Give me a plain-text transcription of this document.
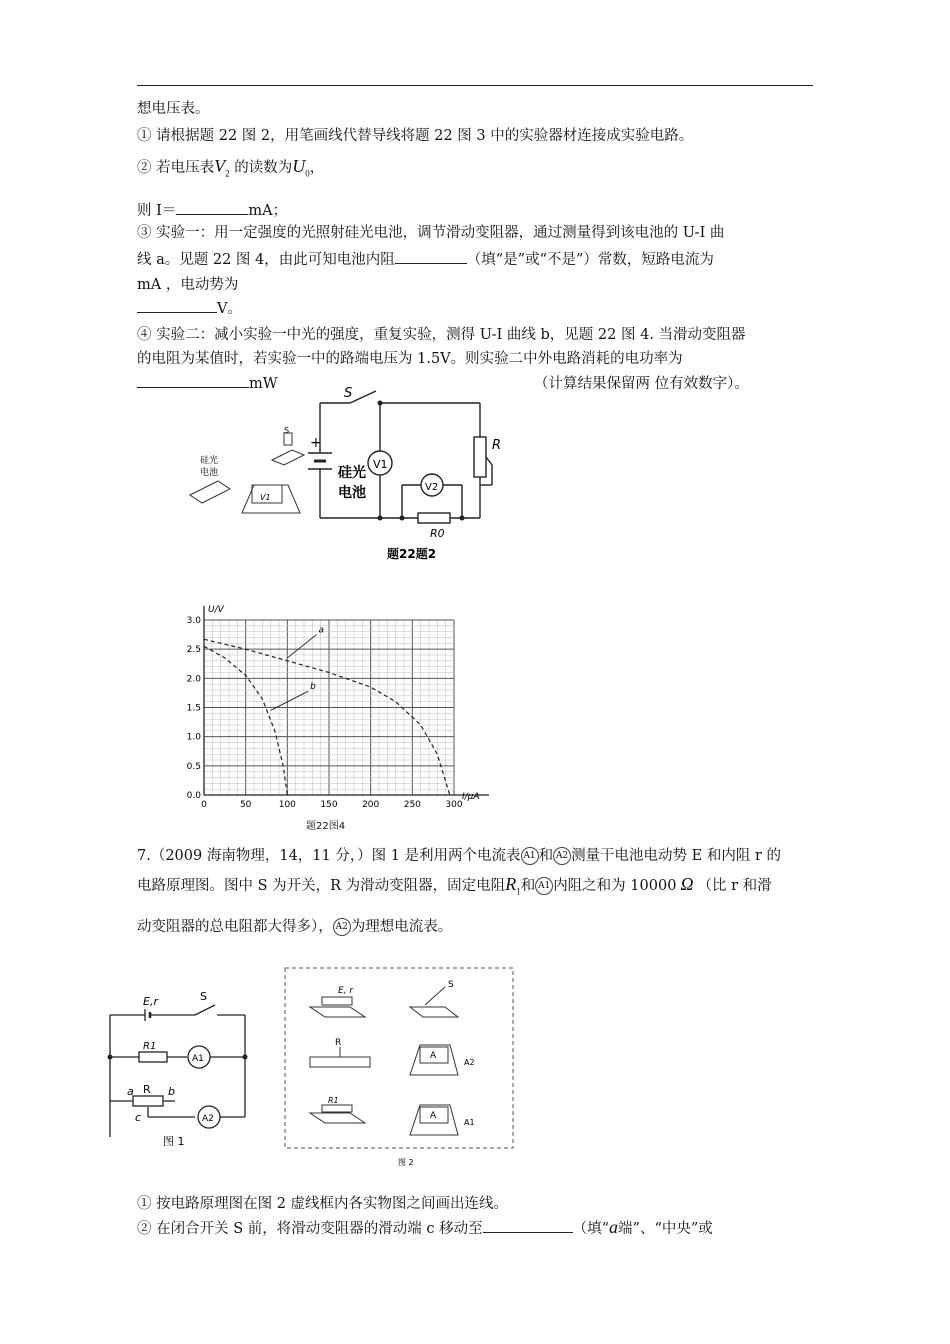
想电压表。
① 请根据题 22 图 2，用笔画线代替导线将题 22 图 3 中的实验器材连接成实验电路。
② 若电压表$V_2$ 的读数为$U_0$，
则 I＝	mA；
③ 实验一：用一定强度的光照射硅光电池，调节滑动变阻器，通过测量得到该电池的 U-I 曲
线 a。见题 22 图 4，由此可知电池内阻	（填“是”或“不是”）常数，短路电流为
mA ，电动势为
V。
④ 实验二：减小实验一中光的强度，重复实验，测得 U-I 曲线 b，见题 22 图 4. 当滑动变阻器
的电阻为某值时，若实验一中的路端电压为 1.5V。则实验二中外电路消耗的电功率为
mW	（计算结果保留两 位有效数字）。
+
硅光
电池
S
R
R0
V1
V2
题22题2
硅光
电池
S
V1
0	50	100	150	200	250	300
0.0
0.5
1.0
1.5
2.0
2.5
3.0
I/μA
U/V
a
b
题22图4
7.（2009 海南物理，14，11 分，）图 1 是利用两个电流表 A1 和 A2 测量干电池电动势 E 和内阻 r 的
电路原理图。图中 S 为开关，R 为滑动变阻器，固定电阻$R_1$和 A1 内阻之和为 10000 Ω （比 r 和滑
动变阻器的总电阻都大得多）， A2 为理想电流表。
E,r	S
R1
A1
R
a	b
c	A2
图 1
E, r
S
R
R1
A
A
A2
A1
图 2
① 按电路原理图在图 2 虚线框内各实物图之间画出连线。
② 在闭合开关 S 前，将滑动变阻器的滑动端 c 移动至	（填“a端”、“中央”或
